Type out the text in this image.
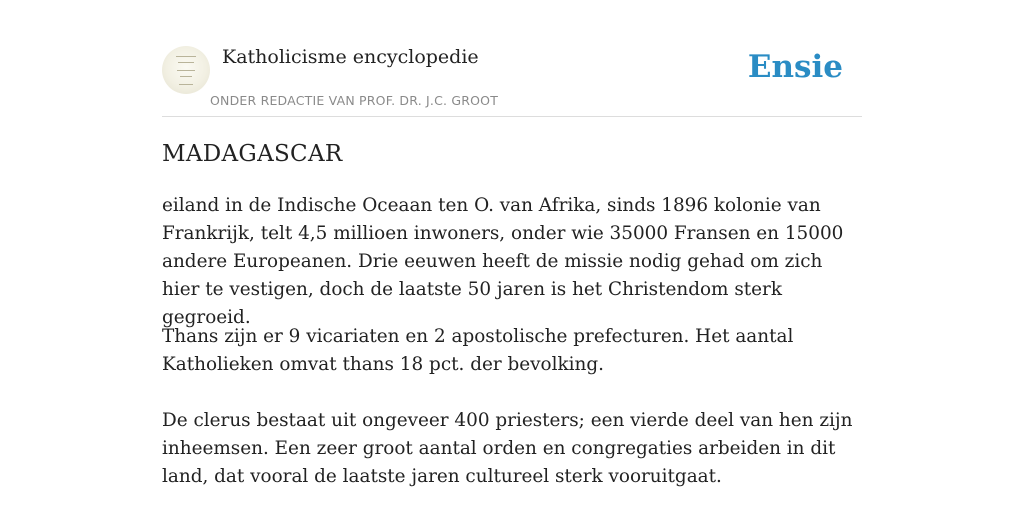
Katholicisme encyclopedie
ONDER REDACTIE VAN PROF. DR. J.C. GROOT
Ensie
MADAGASCAR

eiland in de Indische Oceaan ten O. van Afrika, sinds 1896 kolonie van Frankrijk, telt 4,5 millioen inwoners, onder wie 35000 Fransen en 15000 andere Europeanen. Drie eeuwen heeft de missie nodig gehad om zich hier te vestigen, doch de laatste 50 jaren is het Christendom sterk gegroeid.

Thans zijn er 9 vicariaten en 2 apostolische prefecturen. Het aantal Katholieken omvat thans 18 pct. der bevolking.

De clerus bestaat uit ongeveer 400 priesters; een vierde deel van hen zijn inheemsen. Een zeer groot aantal orden en congregaties arbeiden in dit land, dat vooral de laatste jaren cultureel sterk vooruitgaat.
